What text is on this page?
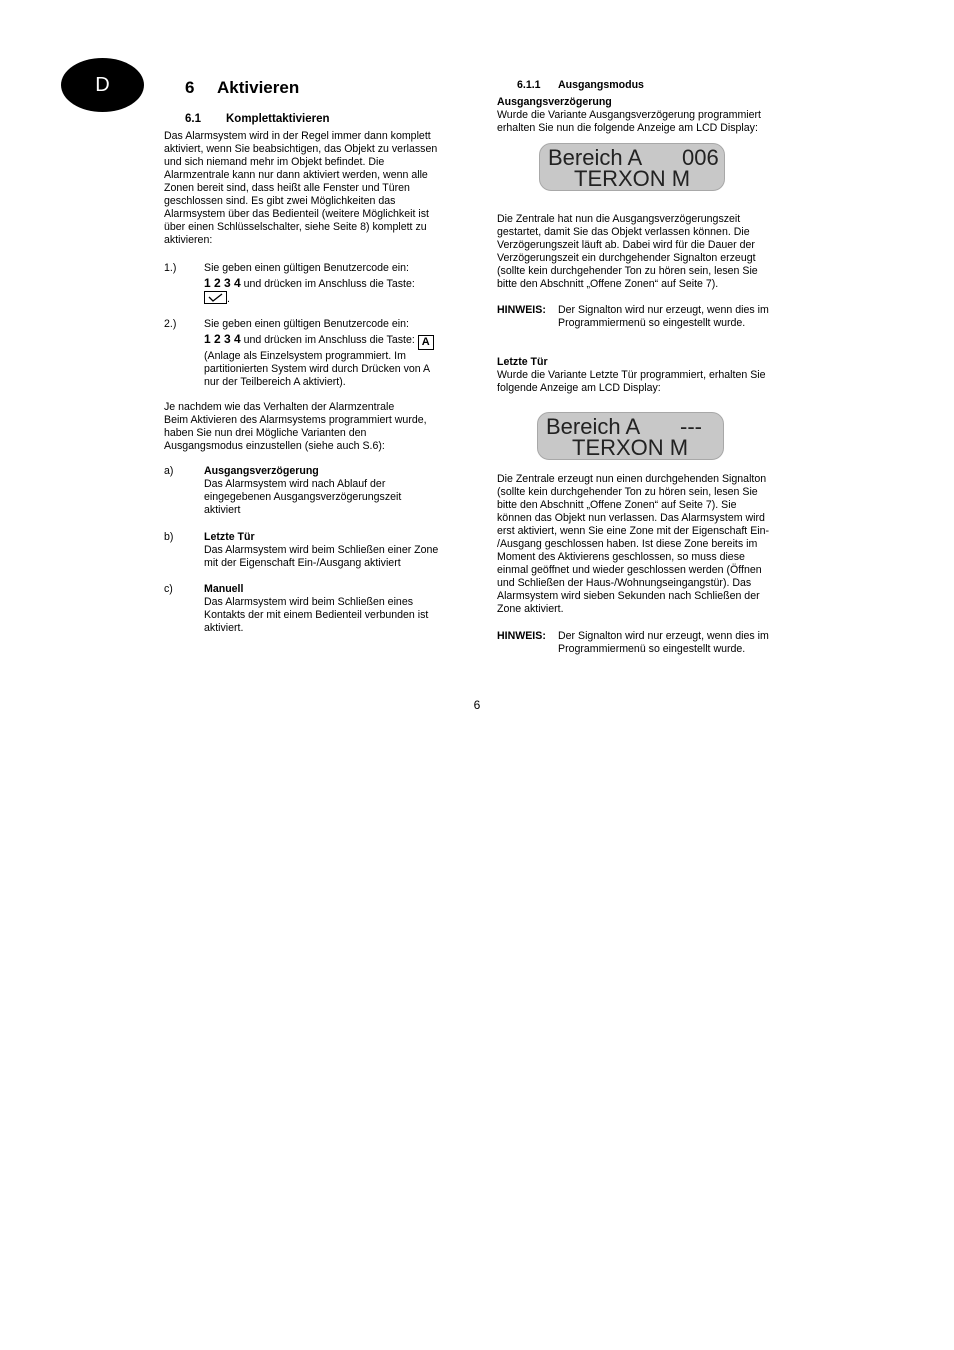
D	6 Aktivieren
6.1 Komplettaktivieren

Das Alarmsystem wird in der Regel immer dann komplett
aktiviert, wenn Sie beabsichtigen, das Objekt zu verlassen
und sich niemand mehr im Objekt befindet. Die
Alarmzentrale kann nur dann aktiviert werden, wenn alle
Zonen bereit sind, dass heißt alle Fenster und Türen
geschlossen sind. Es gibt zwei Möglichkeiten das
Alarmsystem über das Bedienteil (weitere Möglichkeit ist
über einen Schlüsselschalter, siehe Seite 8) komplett zu
aktivieren:

1.)	Sie geben einen gültigen Benutzercode ein:
1 2 3 4 und drücken im Anschluss die Taste:
.
2.)	Sie geben einen gültigen Benutzercode ein:
1 2 3 4 und drücken im Anschluss die Taste: A
(Anlage als Einzelsystem programmiert. Im
partitionierten System wird durch Drücken von A
nur der Teilbereich A aktiviert).

Je nachdem wie das Verhalten der Alarmzentrale
Beim Aktivieren des Alarmsystems programmiert wurde,
haben Sie nun drei Mögliche Varianten den
Ausgangsmodus einzustellen (siehe auch S.6):

a)	Ausgangsverzögerung
Das Alarmsystem wird nach Ablauf der
eingegebenen Ausgangsverzögerungszeit
aktiviert
b)	Letzte Tür
Das Alarmsystem wird beim Schließen einer Zone
mit der Eigenschaft Ein-/Ausgang aktiviert
c)	Manuell
Das Alarmsystem wird beim Schließen eines
Kontakts der mit einem Bedienteil verbunden ist
aktiviert.
6.1.1 Ausgangsmodus
Ausgangsverzögerung

Wurde die Variante Ausgangsverzögerung programmiert
erhalten Sie nun die folgende Anzeige am LCD Display:

Bereich A 006
TERXON M

Die Zentrale hat nun die Ausgangsverzögerungszeit
gestartet, damit Sie das Objekt verlassen können. Die
Verzögerungszeit läuft ab. Dabei wird für die Dauer der
Verzögerungszeit ein durchgehender Signalton erzeugt
(sollte kein durchgehender Ton zu hören sein, lesen Sie
bitte den Abschnitt „Offene Zonen“ auf Seite 7).

HINWEIS: Der Signalton wird nur erzeugt, wenn dies im
Programmiermenü so eingestellt wurde.
Letzte Tür

Wurde die Variante Letzte Tür programmiert, erhalten Sie
folgende Anzeige am LCD Display:

Bereich A ---
TERXON M

Die Zentrale erzeugt nun einen durchgehenden Signalton
(sollte kein durchgehender Ton zu hören sein, lesen Sie
bitte den Abschnitt „Offene Zonen“ auf Seite 7). Sie
können das Objekt nun verlassen. Das Alarmsystem wird
erst aktiviert, wenn Sie eine Zone mit der Eigenschaft Ein-
/Ausgang geschlossen haben. Ist diese Zone bereits im
Moment des Aktivierens geschlossen, so muss diese
einmal geöffnet und wieder geschlossen werden (Öffnen
und Schließen der Haus-/Wohnungseingangstür). Das
Alarmsystem wird sieben Sekunden nach Schließen der
Zone aktiviert.

HINWEIS: Der Signalton wird nur erzeugt, wenn dies im
Programmiermenü so eingestellt wurde.
6
